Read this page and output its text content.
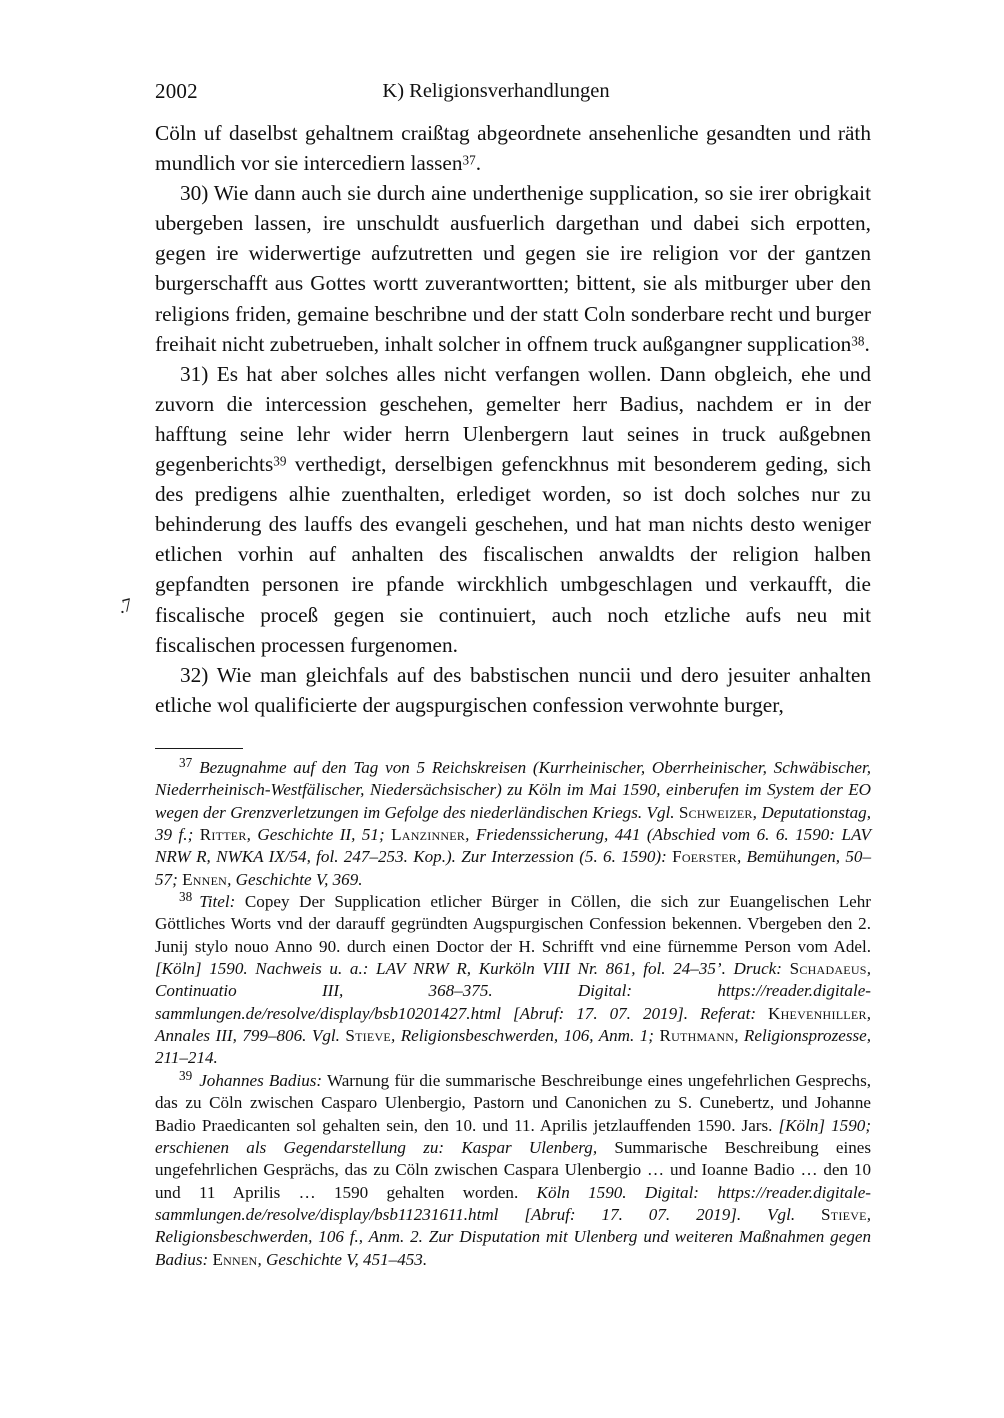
2002	K) Religionsverhandlungen

Cöln uf daselbst gehaltnem craißtag abgeordnete ansehenliche gesandten und räth mundlich vor sie intercediern lassen$^{37}$.

30) Wie dann auch sie durch aine underthenige supplication, so sie irer obrigkait ubergeben lassen, ire unschuldt ausfuerlich dargethan und dabei sich erpotten, gegen ire widerwertige aufzutretten und gegen sie ire religion vor der gantzen burgerschafft aus Gottes wortt zuverantwortten; bittent, sie als mitburger uber den religions friden, gemaine beschribne und der statt Coln sonderbare recht und burger freihait nicht zubetrueben, inhalt solcher in offnem truck außgangner supplication$^{38}$.

31) Es hat aber solches alles nicht verfangen wollen. Dann obgleich, ehe und zuvorn die intercession geschehen, gemelter herr Badius, nachdem er in der hafftung seine lehr wider herrn Ulenbergern laut seines in truck außgebnen gegenberichts$^{39}$ verthedigt, derselbigen gefenckhnus mit besonderem geding, sich des predigens alhie zuenthalten, erlediget worden, so ist doch solches nur zu behinderung des lauffs des evangeli geschehen, und hat man nichts desto weniger etlichen vorhin auf anhalten des fiscalischen anwaldts der religion halben gepfandten personen ire pfande wirckhlich umbgeschlagen und verkaufft, die fiscalische proceß gegen sie continuiert, auch noch etzliche aufs neu mit fiscalischen processen furgenomen.

32) Wie man gleichfals auf des babstischen nuncii und dero jesuiter anhalten etliche wol qualificierte der augspurgischen confession verwohnte burger,

.7

$^{37}$ Bezugnahme auf den Tag von 5 Reichskreisen (Kurrheinischer, Oberrheinischer, Schwäbischer, Niederrheinisch-Westfälischer, Niedersächsischer) zu Köln im Mai 1590, einberufen im System der EO wegen der Grenzverletzungen im Gefolge des niederländischen Kriegs. Vgl. Schweizer, Deputationstag, 39 f.; Ritter, Geschichte II, 51; Lanzinner, Friedenssicherung, 441 (Abschied vom 6. 6. 1590: LAV NRW R, NWKA IX/54, fol. 247–253. Kop.). Zur Interzession (5. 6. 1590): Foerster, Bemühungen, 50–57; Ennen, Geschichte V, 369.

$^{38}$ Titel: Copey Der Supplication etlicher Bürger in Cöllen, die sich zur Euangelischen Lehr Göttliches Worts vnd der darauff gegründten Augspurgischen Confession bekennen. Vbergeben den 2. Junij stylo nouo Anno 90. durch einen Doctor der H. Schrifft vnd eine fürnemme Person vom Adel. [Köln] 1590. Nachweis u. a.: LAV NRW R, Kurköln VIII Nr. 861, fol. 24–35’. Druck: Schadaeus, Continuatio III, 368–375. Digital: https://reader.digitale-sammlungen.de/resolve/display/bsb10201427.html [Abruf: 17. 07. 2019]. Referat: Khevenhiller, Annales III, 799–806. Vgl. Stieve, Religionsbeschwerden, 106, Anm. 1; Ruthmann, Religionsprozesse, 211–214.

$^{39}$ Johannes Badius: Warnung für die summarische Beschreibunge eines ungefehrlichen Gesprechs, das zu Cöln zwischen Casparo Ulenbergio, Pastorn und Canonichen zu S. Cunebertz, und Johanne Badio Praedicanten sol gehalten sein, den 10. und 11. Aprilis jetzlauffenden 1590. Jars. [Köln] 1590; erschienen als Gegendarstellung zu: Kaspar Ulenberg, Summarische Beschreibung eines ungefehrlichen Gesprächs, das zu Cöln zwischen Caspara Ulenbergio … und Ioanne Badio … den 10 und 11 Aprilis … 1590 gehalten worden. Köln 1590. Digital: https://reader.digitale-sammlungen.de/resolve/display/bsb11231611.html [Abruf: 17. 07. 2019]. Vgl. Stieve, Religionsbeschwerden, 106 f., Anm. 2. Zur Disputation mit Ulenberg und weiteren Maßnahmen gegen Badius: Ennen, Geschichte V, 451–453.
